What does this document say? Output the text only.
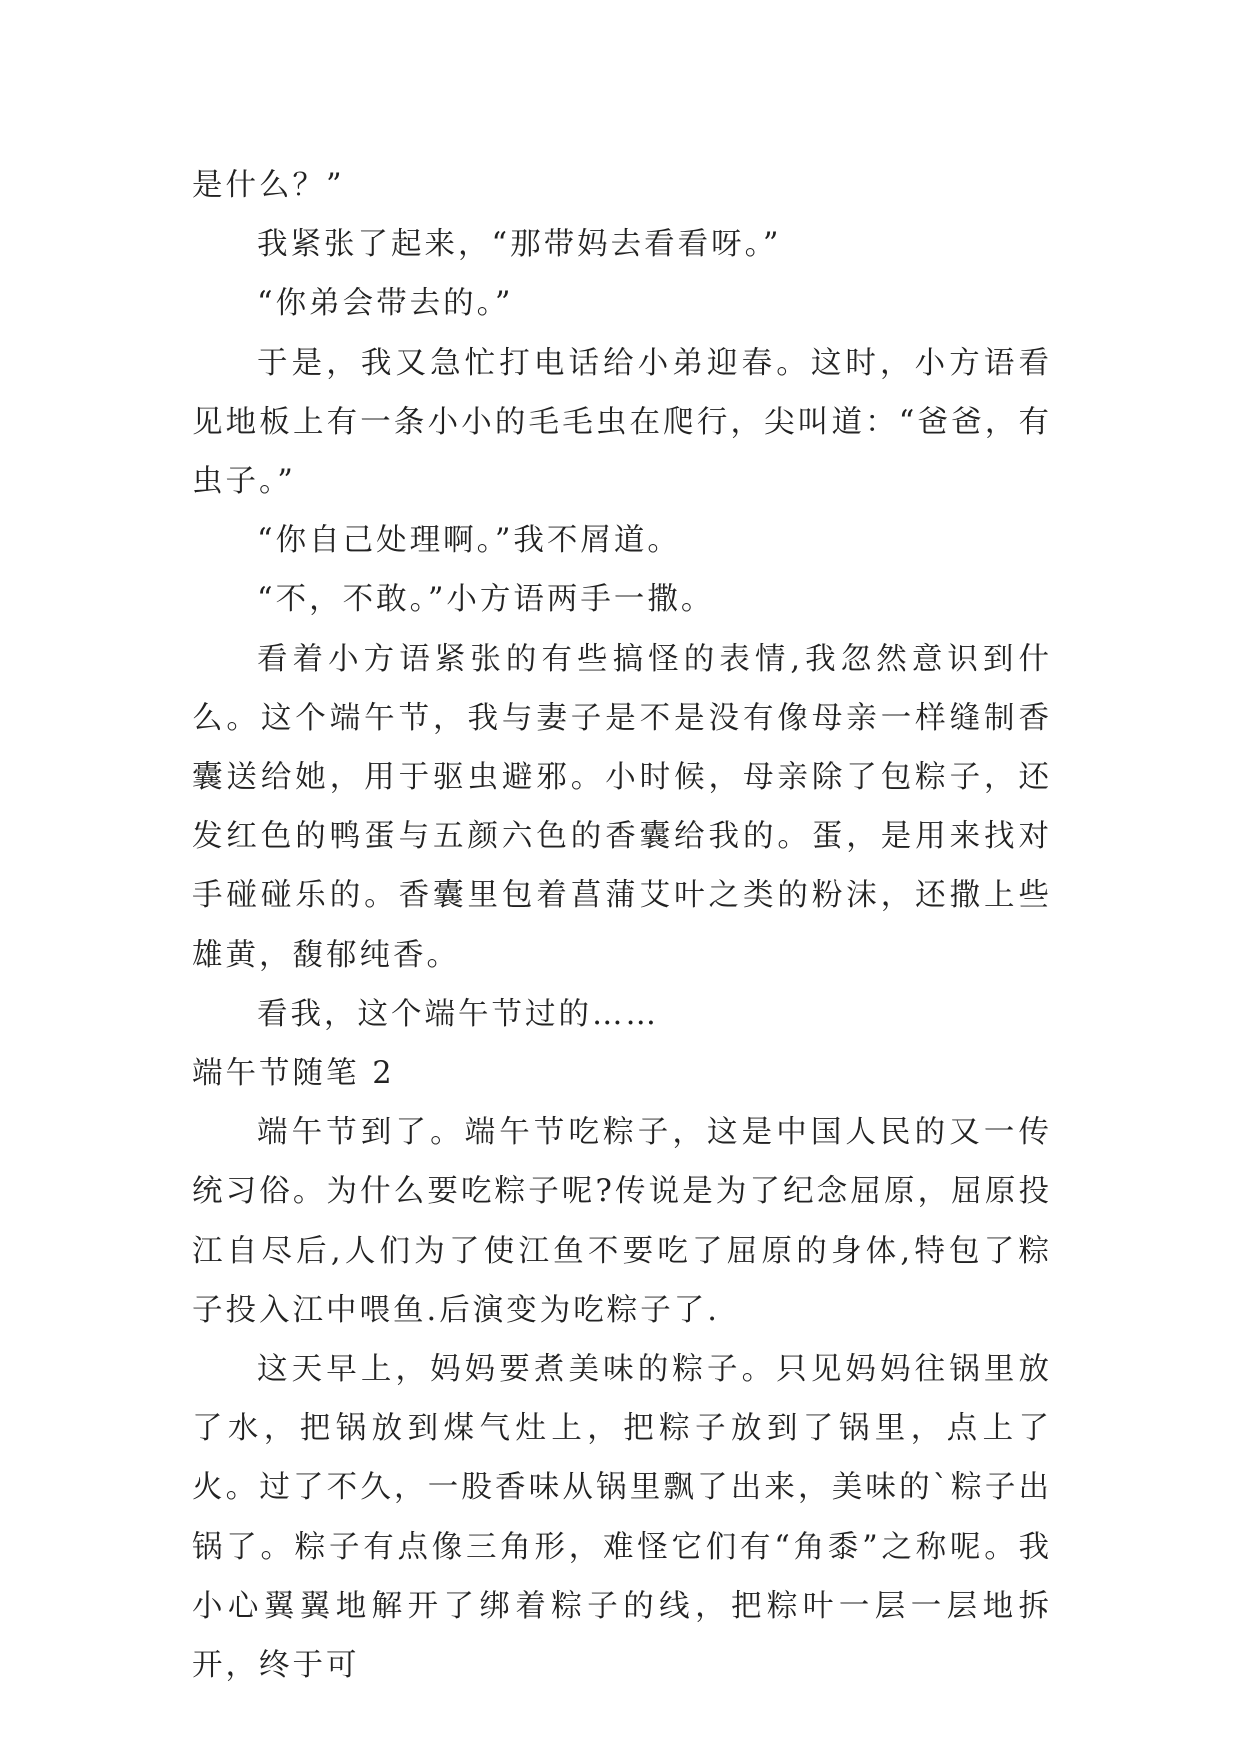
是什么？”

我紧张了起来，“那带妈去看看呀。”

“你弟会带去的。”

于是，我又急忙打电话给小弟迎春。这时，小方语看见地板上有一条小小的毛毛虫在爬行，尖叫道：“爸爸，有虫子。”

“你自己处理啊。”我不屑道。

“不，不敢。”小方语两手一撒。

看着小方语紧张的有些搞怪的表情,我忽然意识到什么。这个端午节，我与妻子是不是没有像母亲一样缝制香囊送给她，用于驱虫避邪。小时候，母亲除了包粽子，还发红色的鸭蛋与五颜六色的香囊给我的。蛋，是用来找对手碰碰乐的。香囊里包着菖蒲艾叶之类的粉沫，还撒上些雄黄，馥郁纯香。

看我，这个端午节过的……

端午节随笔 2

端午节到了。端午节吃粽子，这是中国人民的又一传统习俗。为什么要吃粽子呢?传说是为了纪念屈原，屈原投江自尽后,人们为了使江鱼不要吃了屈原的身体,特包了粽子投入江中喂鱼.后演变为吃粽子了.

这天早上，妈妈要煮美味的粽子。只见妈妈往锅里放了水，把锅放到煤气灶上，把粽子放到了锅里，点上了火。过了不久，一股香味从锅里飘了出来，美味的`粽子出锅了。粽子有点像三角形，难怪它们有“角黍”之称呢。我小心翼翼地解开了绑着粽子的线，把粽叶一层一层地拆开，终于可
